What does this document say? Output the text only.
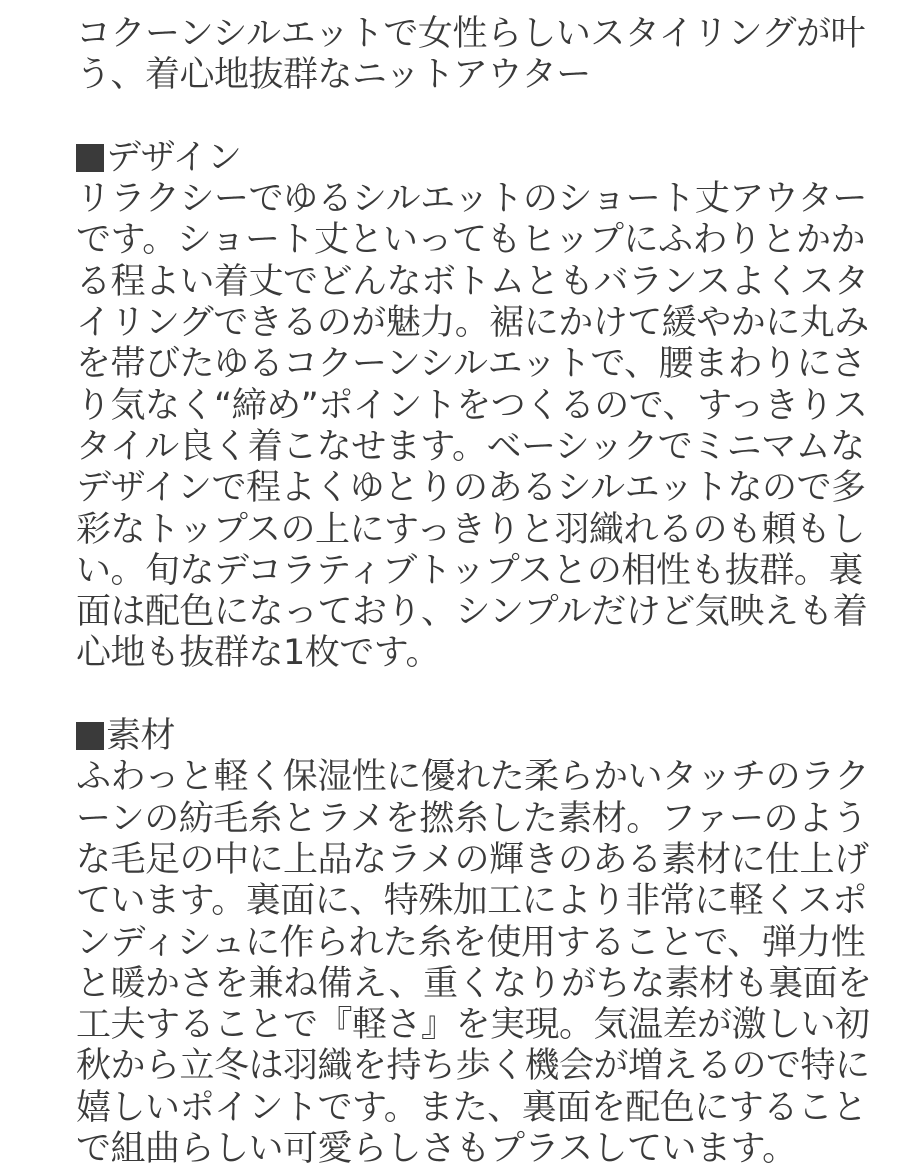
コクーンシルエットで女性らしいスタイリングが叶
う、着心地抜群なニットアウター
デザイン
リラクシーでゆるシルエットのショート丈アウター
です。ショート丈といってもヒップにふわりとかか
る程よい着丈でどんなボトムともバランスよくスタ
イリングできるのが魅力。裾にかけて緩やかに丸み
を帯びたゆるコクーンシルエットで、腰まわりにさ
り気なく“締め”ポイントをつくるので、すっきりス
タイル良く着こなせます。ベーシックでミニマムな
デザインで程よくゆとりのあるシルエットなので多
彩なトップスの上にすっきりと羽織れるのも頼もし
い。旬なデコラティブトップスとの相性も抜群。裏
面は配色になっており、シンプルだけど気映えも着
心地も抜群な1枚です。
素材
ふわっと軽く保湿性に優れた柔らかいタッチのラク
ーンの紡毛糸とラメを撚糸した素材。ファーのよう
な毛足の中に上品なラメの輝きのある素材に仕上げ
ています。裏面に、特殊加工により非常に軽くスポ
ンディシュに作られた糸を使用することで、弾力性
と暖かさを兼ね備え、重くなりがちな素材も裏面を
工夫することで『軽さ』を実現。気温差が激しい初
秋から立冬は羽織を持ち歩く機会が増えるので特に
嬉しいポイントです。また、裏面を配色にすること
で組曲らしい可愛らしさもプラスしています。
